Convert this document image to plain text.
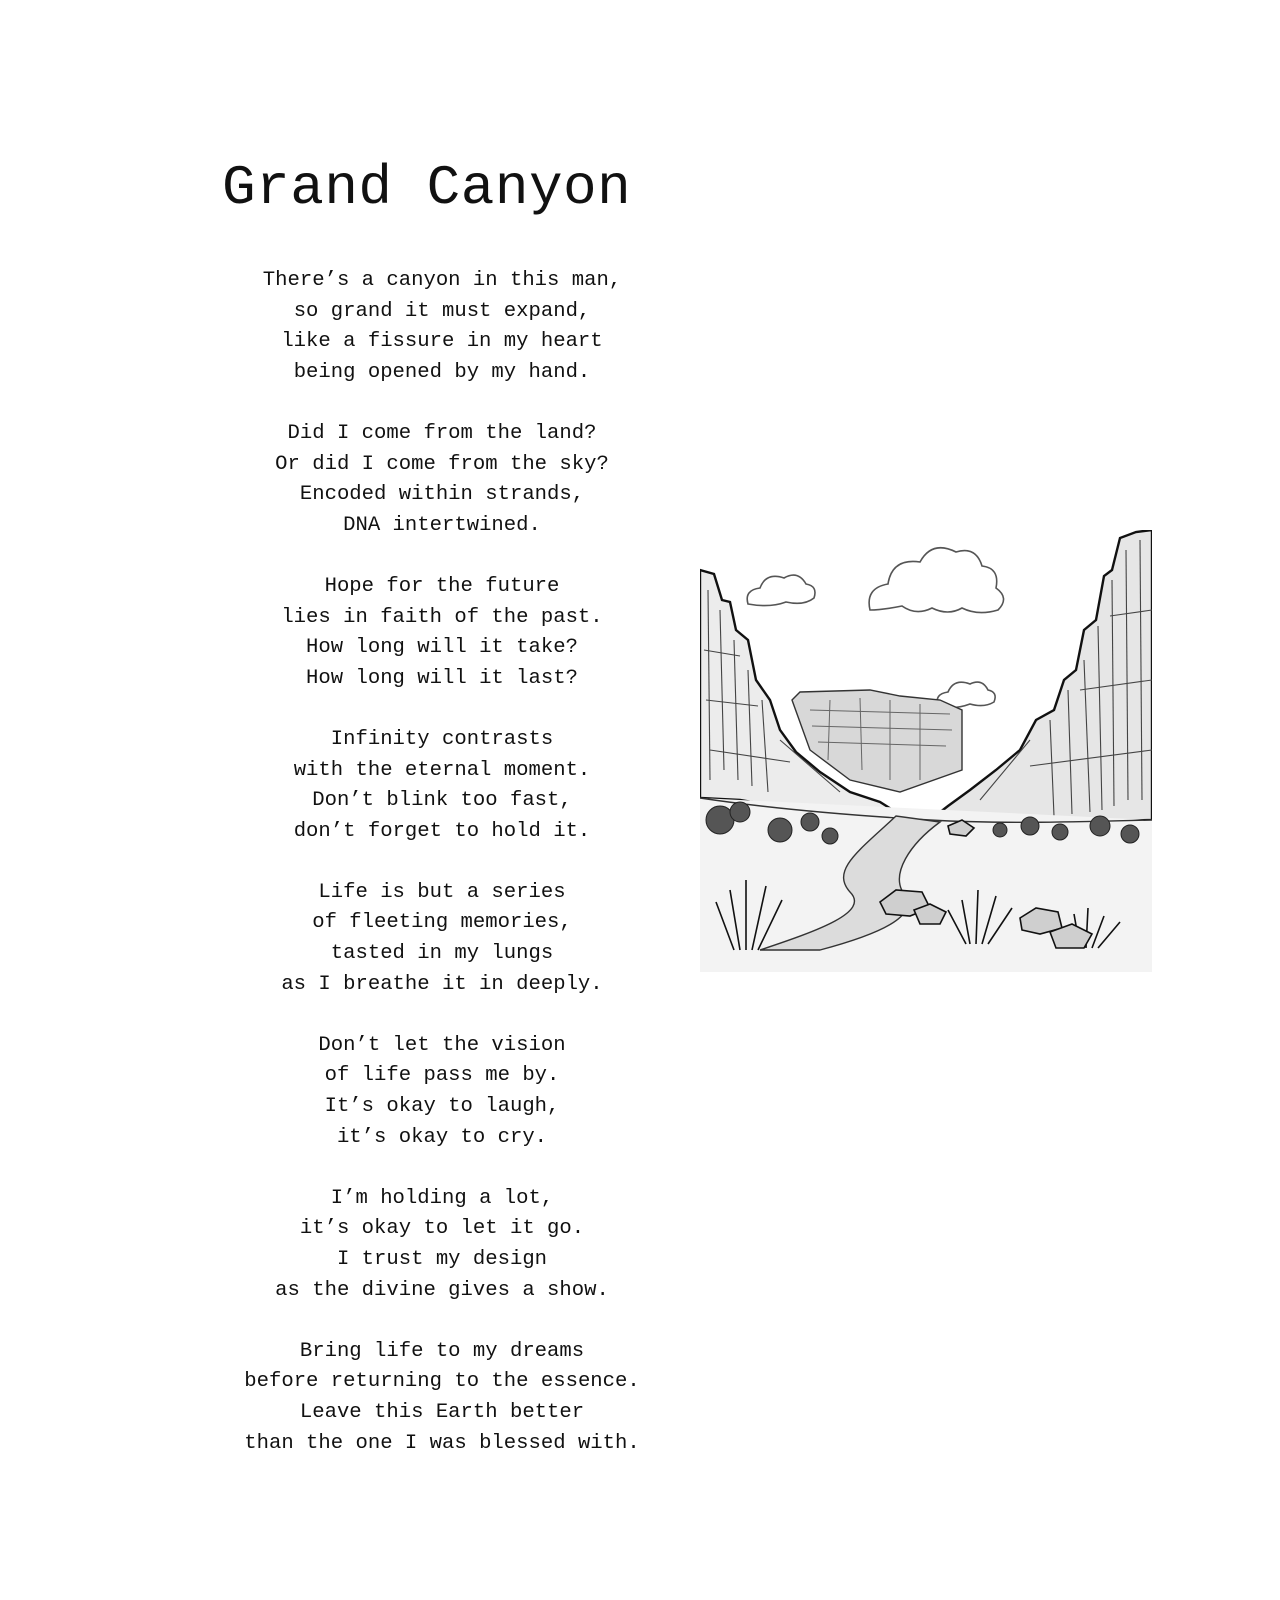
Grand Canyon
There’s a canyon in this man,
so grand it must expand,
like a fissure in my heart
being opened by my hand.
Did I come from the land?
Or did I come from the sky?
Encoded within strands,
DNA intertwined.
Hope for the future
lies in faith of the past.
How long will it take?
How long will it last?
Infinity contrasts
with the eternal moment.
Don’t blink too fast,
don’t forget to hold it.
Life is but a series
of fleeting memories,
tasted in my lungs
as I breathe it in deeply.
Don’t let the vision
of life pass me by.
It’s okay to laugh,
it’s okay to cry.
I’m holding a lot,
it’s okay to let it go.
I trust my design
as the divine gives a show.
Bring life to my dreams
before returning to the essence.
Leave this Earth better
than the one I was blessed with.
